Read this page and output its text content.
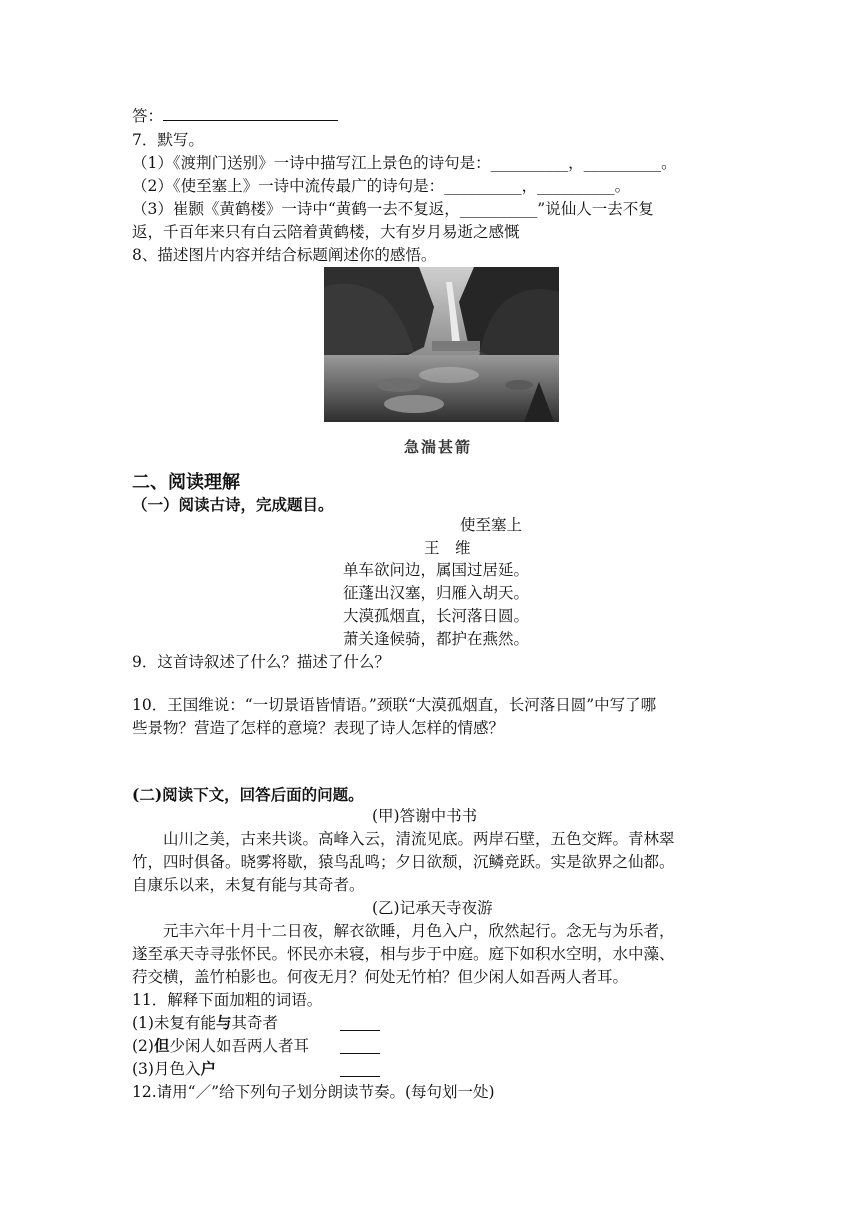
答：
7．默写。
（1）《渡荆门送别》一诗中描写江上景色的诗句是：__________，__________。
（2）《使至塞上》一诗中流传最广的诗句是：__________，__________。
（3）崔颢《黄鹤楼》一诗中“黄鹤一去不复返，__________”说仙人一去不复
返，千百年来只有白云陪着黄鹤楼，大有岁月易逝之感慨
8、描述图片内容并结合标题阐述你的感悟。
急湍甚箭
二、阅读理解
（一）阅读古诗，完成题目。
使至塞上
王　维
单车欲问边，属国过居延。
征蓬出汉塞，归雁入胡天。
大漠孤烟直，长河落日圆。
萧关逢候骑，都护在燕然。
9．这首诗叙述了什么？描述了什么？
10．王国维说：“一切景语皆情语。”颈联“大漠孤烟直，长河落日圆”中写了哪
些景物？营造了怎样的意境？表现了诗人怎样的情感？
(二)阅读下文，回答后面的问题。
(甲)答谢中书书
山川之美，古来共谈。高峰入云，清流见底。两岸石壁，五色交辉。青林翠
竹，四时俱备。晓雾将歇，猿鸟乱鸣；夕日欲颓，沉鳞竞跃。实是欲界之仙都。
自康乐以来，未复有能与其奇者。
(乙)记承天寺夜游
元丰六年十月十二日夜，解衣欲睡，月色入户，欣然起行。念无与为乐者，
遂至承天寺寻张怀民。怀民亦未寝，相与步于中庭。庭下如积水空明，水中藻、
荇交横，盖竹柏影也。何夜无月？何处无竹柏？但少闲人如吾两人者耳。
11．解释下面加粗的词语。
(1)未复有能与其奇者
(2)但少闲人如吾两人者耳
(3)月色入户
12.请用“／”给下列句子划分朗读节奏。(每句划一处)
